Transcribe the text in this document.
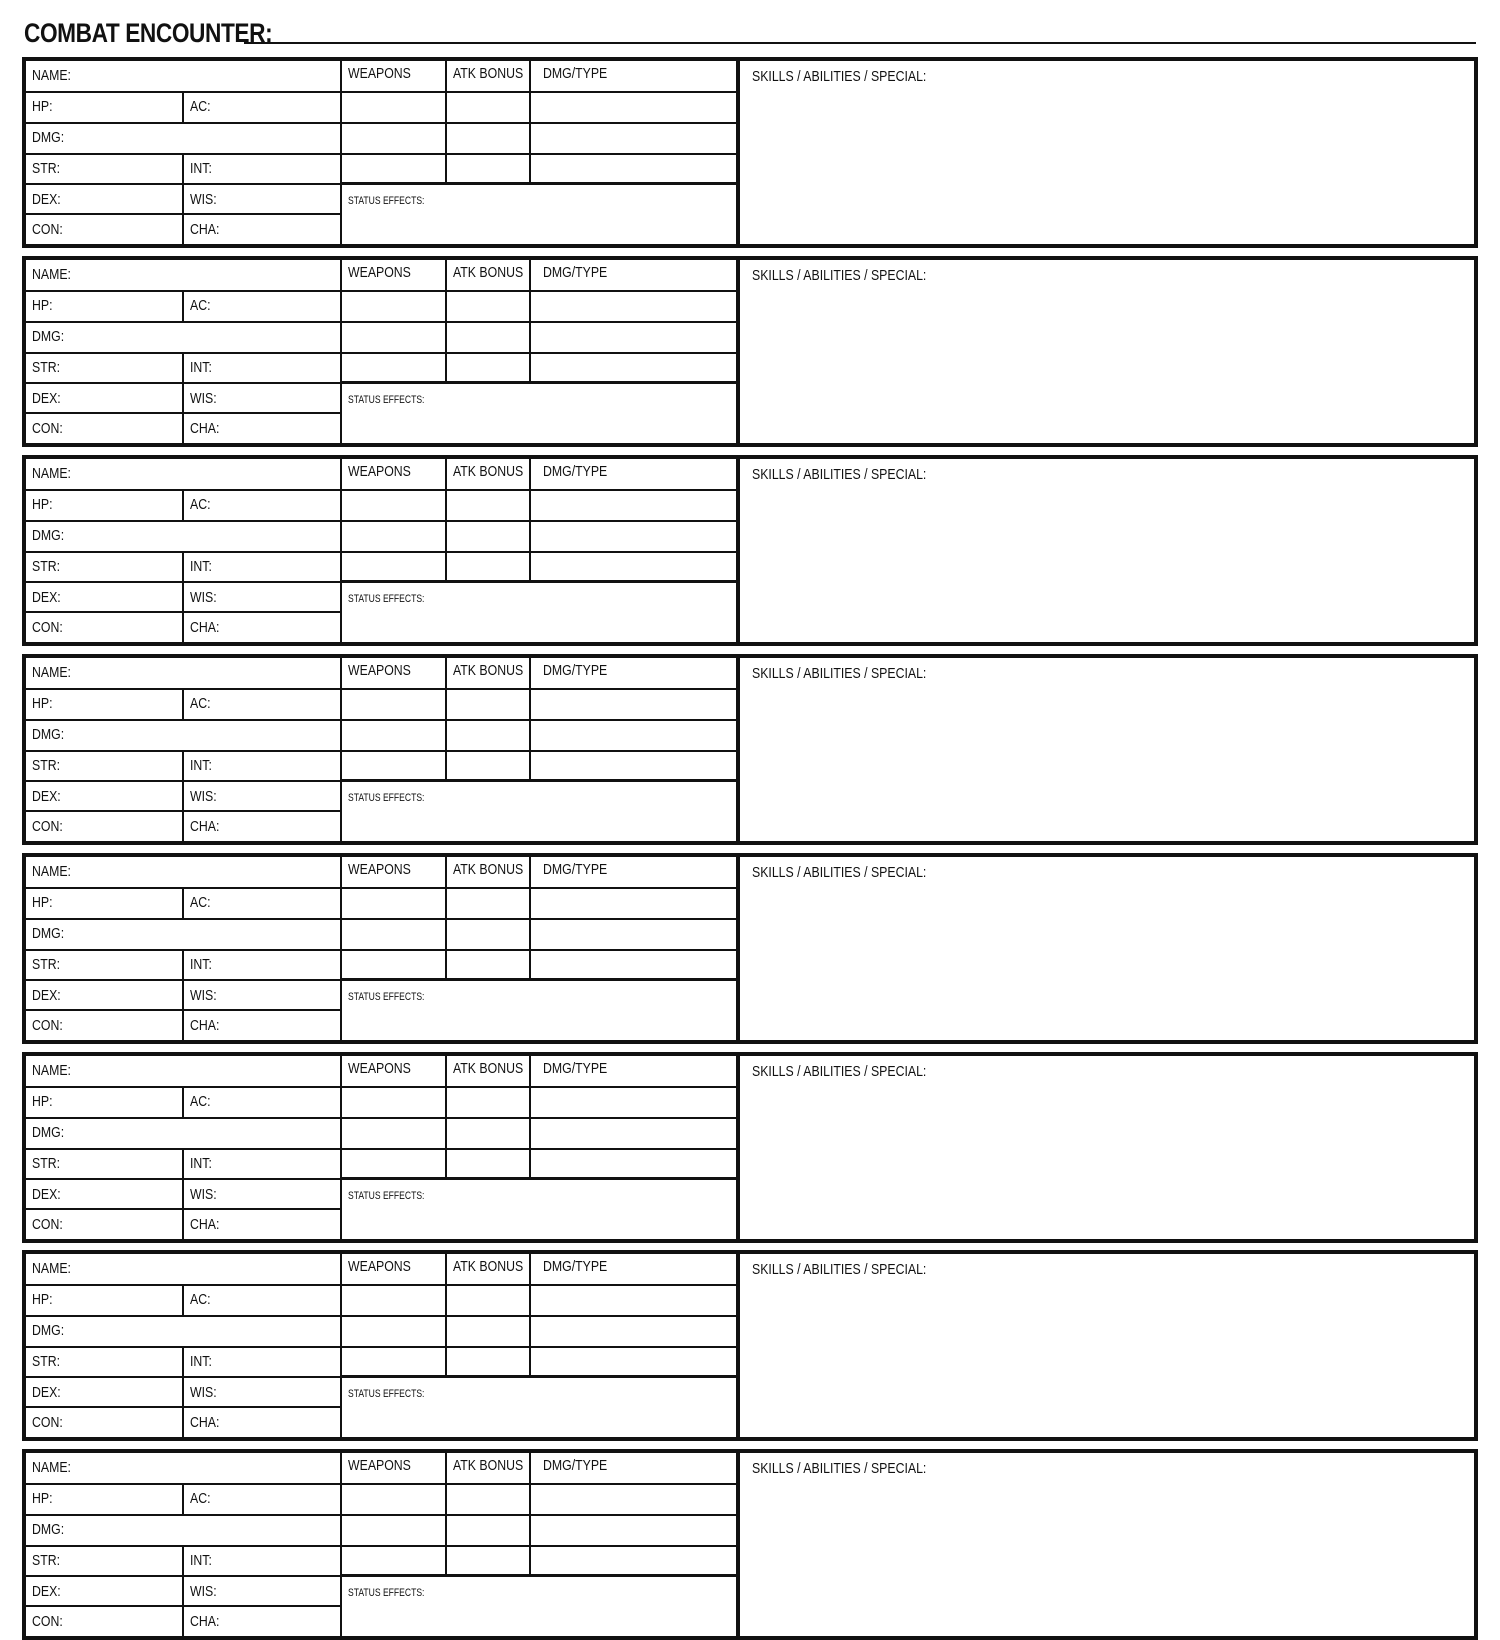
COMBAT ENCOUNTER:
NAME:
HP:	AC:
DMG:
STR:	INT:
DEX:	WIS:
CON:	CHA:
WEAPONS	ATK BONUS	DMG/TYPE
STATUS EFFECTS:
SKILLS / ABILITIES / SPECIAL:
NAME:
HP:	AC:
DMG:
STR:	INT:
DEX:	WIS:
CON:	CHA:
WEAPONS	ATK BONUS	DMG/TYPE
STATUS EFFECTS:
SKILLS / ABILITIES / SPECIAL:
NAME:
HP:	AC:
DMG:
STR:	INT:
DEX:	WIS:
CON:	CHA:
WEAPONS	ATK BONUS	DMG/TYPE
STATUS EFFECTS:
SKILLS / ABILITIES / SPECIAL:
NAME:
HP:	AC:
DMG:
STR:	INT:
DEX:	WIS:
CON:	CHA:
WEAPONS	ATK BONUS	DMG/TYPE
STATUS EFFECTS:
SKILLS / ABILITIES / SPECIAL:
NAME:
HP:	AC:
DMG:
STR:	INT:
DEX:	WIS:
CON:	CHA:
WEAPONS	ATK BONUS	DMG/TYPE
STATUS EFFECTS:
SKILLS / ABILITIES / SPECIAL:
NAME:
HP:	AC:
DMG:
STR:	INT:
DEX:	WIS:
CON:	CHA:
WEAPONS	ATK BONUS	DMG/TYPE
STATUS EFFECTS:
SKILLS / ABILITIES / SPECIAL:
NAME:
HP:	AC:
DMG:
STR:	INT:
DEX:	WIS:
CON:	CHA:
WEAPONS	ATK BONUS	DMG/TYPE
STATUS EFFECTS:
SKILLS / ABILITIES / SPECIAL:
NAME:
HP:	AC:
DMG:
STR:	INT:
DEX:	WIS:
CON:	CHA:
WEAPONS	ATK BONUS	DMG/TYPE
STATUS EFFECTS:
SKILLS / ABILITIES / SPECIAL:
